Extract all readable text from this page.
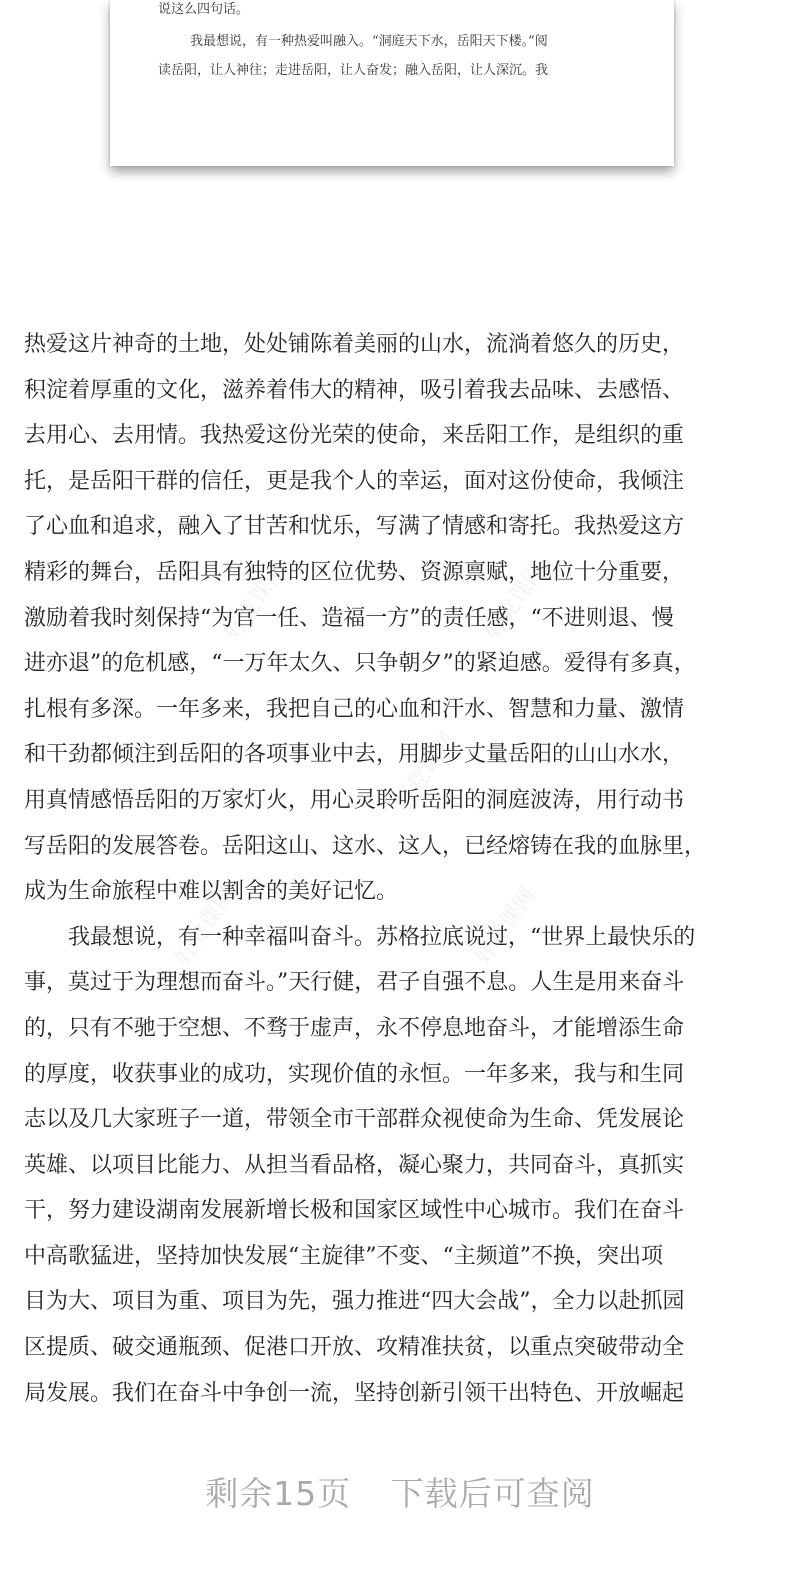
说这么四句话。
我最想说，有一种热爱叫融入。“洞庭天下水，岳阳天下楼。”阅
读岳阳，让人神往；走进岳阳，让人奋发；融入岳阳，让人深沉。我
好党课网	好党课网
好党课网
好党课网	好党课网
热爱这片神奇的土地，处处铺陈着美丽的山水，流淌着悠久的历史，
积淀着厚重的文化，滋养着伟大的精神，吸引着我去品味、去感悟、
去用心、去用情。我热爱这份光荣的使命，来岳阳工作，是组织的重
托，是岳阳干群的信任，更是我个人的幸运，面对这份使命，我倾注
了心血和追求，融入了甘苦和忧乐，写满了情感和寄托。我热爱这方
精彩的舞台，岳阳具有独特的区位优势、资源禀赋，地位十分重要，
激励着我时刻保持“为官一任、造福一方”的责任感，“不进则退、慢
进亦退”的危机感，“一万年太久、只争朝夕”的紧迫感。爱得有多真，
扎根有多深。一年多来，我把自己的心血和汗水、智慧和力量、激情
和干劲都倾注到岳阳的各项事业中去，用脚步丈量岳阳的山山水水，
用真情感悟岳阳的万家灯火，用心灵聆听岳阳的洞庭波涛，用行动书
写岳阳的发展答卷。岳阳这山、这水、这人，已经熔铸在我的血脉里，
成为生命旅程中难以割舍的美好记忆。
　　我最想说，有一种幸福叫奋斗。苏格拉底说过，“世界上最快乐的
事，莫过于为理想而奋斗。”天行健，君子自强不息。人生是用来奋斗
的，只有不驰于空想、不骛于虚声，永不停息地奋斗，才能增添生命
的厚度，收获事业的成功，实现价值的永恒。一年多来，我与和生同
志以及几大家班子一道，带领全市干部群众视使命为生命、凭发展论
英雄、以项目比能力、从担当看品格，凝心聚力，共同奋斗，真抓实
干，努力建设湖南发展新增长极和国家区域性中心城市。我们在奋斗
中高歌猛进，坚持加快发展“主旋律”不变、“主频道”不换，突出项
目为大、项目为重、项目为先，强力推进“四大会战”，全力以赴抓园
区提质、破交通瓶颈、促港口开放、攻精准扶贫，以重点突破带动全
局发展。我们在奋斗中争创一流，坚持创新引领干出特色、开放崛起
剩余15页 下载后可查阅
